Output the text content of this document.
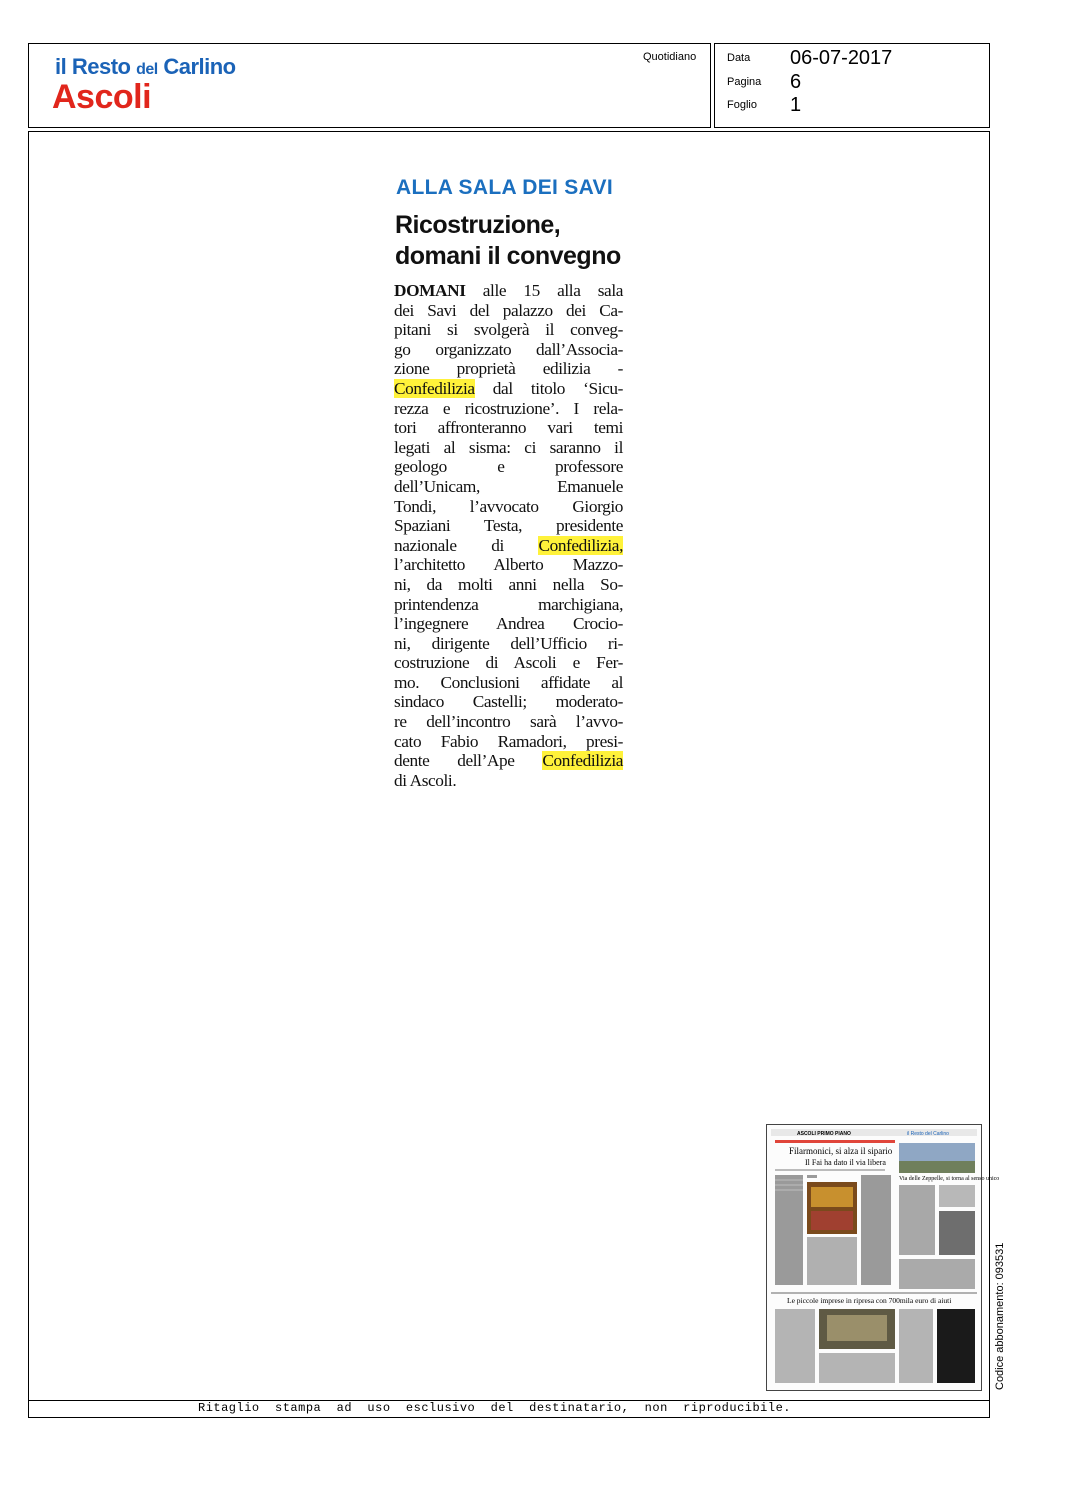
il Resto del Carlino
Ascoli
Quotidiano	Data 06-07-2017
Pagina 6
Foglio 1
ALLA SALA DEI SAVI
Ricostruzione,
domani il convegno
DOMANI alle 15 alla sala
dei Savi del palazzo dei Ca-
pitani si svolgerà il conveg-
go organizzato dall’Associa-
zione proprietà edilizia -
Confedilizia dal titolo ‘Sicu-
rezza e ricostruzione’. I rela-
tori affronteranno vari temi
legati al sisma: ci saranno il
geologo e professore
dell’Unicam, Emanuele
Tondi, l’avvocato Giorgio
Spaziani Testa, presidente
nazionale di Confedilizia,
l’architetto Alberto Mazzo-
ni, da molti anni nella So-
printendenza marchigiana,
l’ingegnere Andrea Crocio-
ni, dirigente dell’Ufficio ri-
costruzione di Ascoli e Fer-
mo. Conclusioni affidate al
sindaco Castelli; moderato-
re dell’incontro sarà l’avvo-
cato Fabio Ramadori, presi-
dente dell’Ape Confedilizia
di Ascoli.
ASCOLI PRIMO PIANO	il Resto del Carlino
Filarmonici, si alza il sipario
Il Fai ha dato il via libera
Via delle Zeppelle, si torna al senso unico
Le piccole imprese in ripresa con 700mila euro di aiuti
Ritaglio  stampa  ad  uso  esclusivo  del  destinatario,  non  riproducibile.
Codice abbonamento: 093531
